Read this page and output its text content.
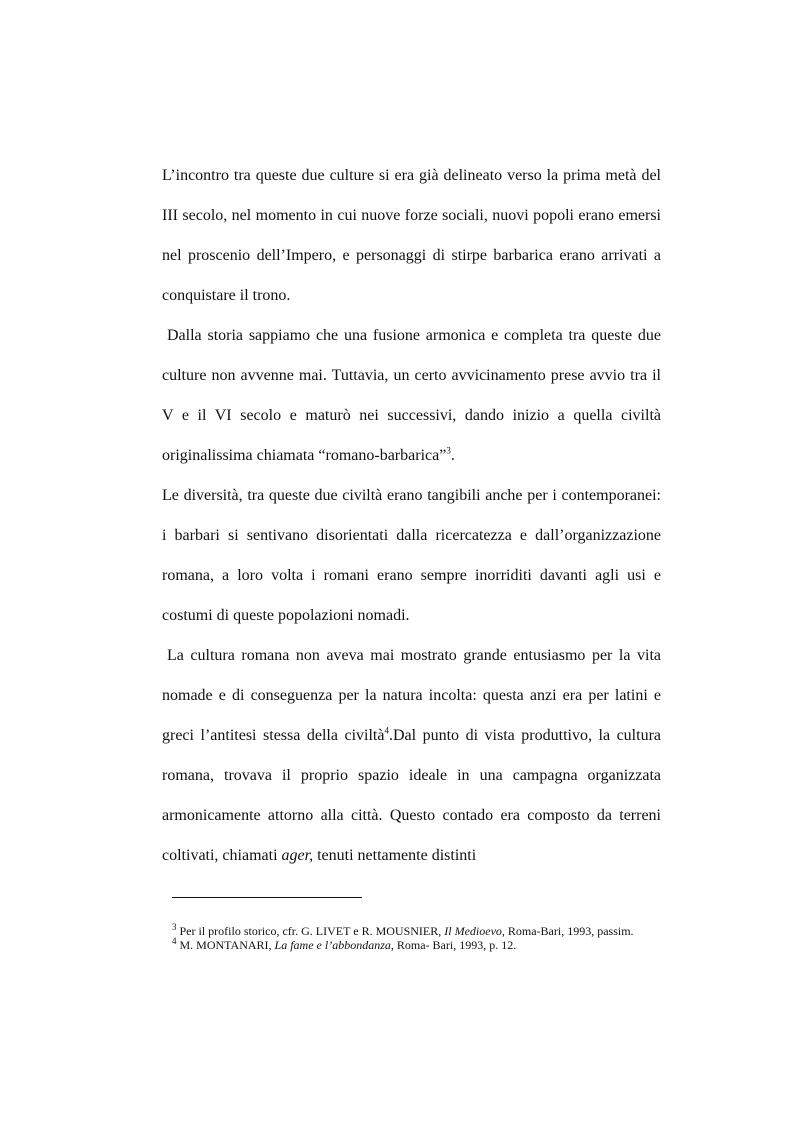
L’incontro tra queste due culture si era già delineato verso la prima metà del III secolo, nel momento in cui nuove forze sociali, nuovi popoli erano emersi nel proscenio dell’Impero, e personaggi di stirpe barbarica erano arrivati a conquistare il trono.

Dalla storia sappiamo che una fusione armonica e completa tra queste due culture non avvenne mai. Tuttavia, un certo avvicinamento prese avvio tra il V e il VI secolo e maturò nei successivi, dando inizio a quella civiltà originalissima chiamata “romano-barbarica”$^3$.

Le diversità, tra queste due civiltà erano tangibili anche per i contemporanei: i barbari si sentivano disorientati dalla ricercatezza e dall’organizzazione romana, a loro volta i romani erano sempre inorriditi davanti agli usi e costumi di queste popolazioni nomadi.

La cultura romana non aveva mai mostrato grande entusiasmo per la vita nomade e di conseguenza per la natura incolta: questa anzi era per latini e greci l’antitesi stessa della civiltà$^4$.Dal punto di vista produttivo, la cultura romana, trovava il proprio spazio ideale in una campagna organizzata armonicamente attorno alla città. Questo contado era composto da terreni coltivati, chiamati ager, tenuti nettamente distinti

$^3$ Per il profilo storico, cfr. G. LIVET e R. MOUSNIER, Il Medioevo, Roma-Bari, 1993, passim.

$^4$ M. MONTANARI, La fame e l’abbondanza, Roma- Bari, 1993, p. 12.
